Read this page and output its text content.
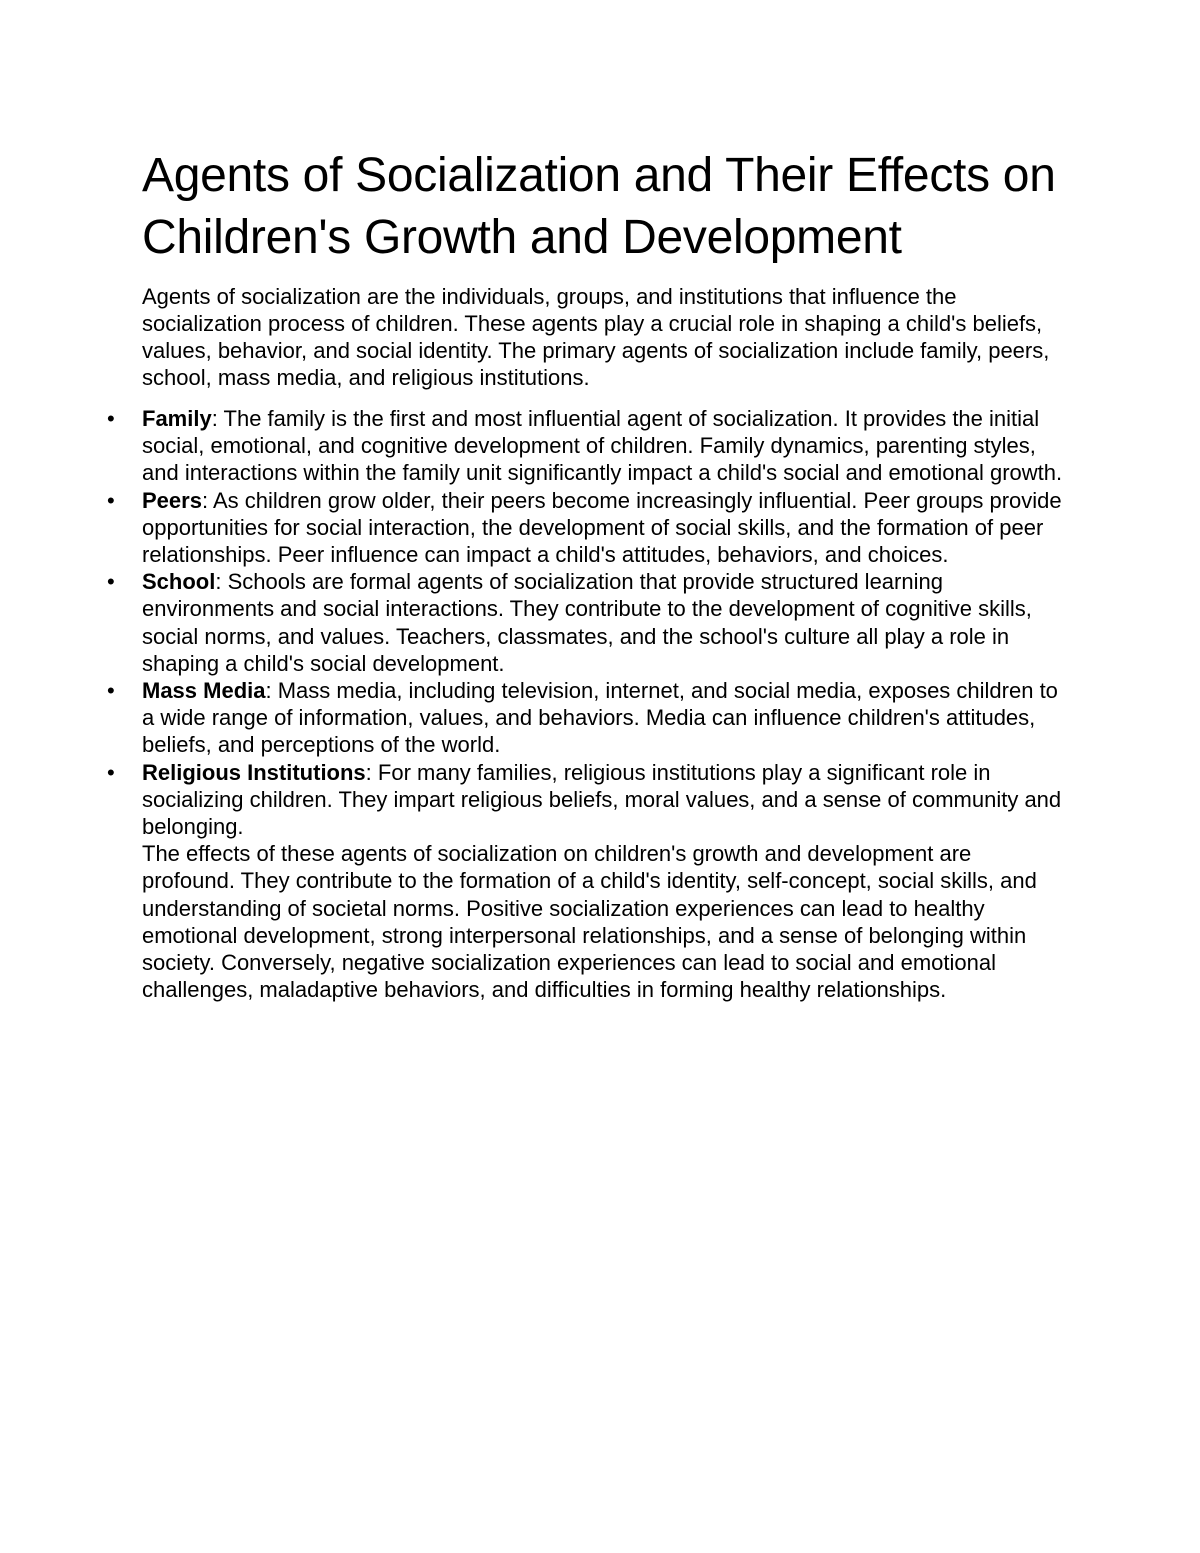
Agents of Socialization and Their Effects on Children's Growth and Development

Agents of socialization are the individuals, groups, and institutions that influence the socialization process of children. These agents play a crucial role in shaping a child's beliefs, values, behavior, and social identity. The primary agents of socialization include family, peers, school, mass media, and religious institutions.

• Family: The family is the first and most influential agent of socialization. It provides the initial social, emotional, and cognitive development of children. Family dynamics, parenting styles, and interactions within the family unit significantly impact a child's social and emotional growth.
• Peers: As children grow older, their peers become increasingly influential. Peer groups provide opportunities for social interaction, the development of social skills, and the formation of peer relationships. Peer influence can impact a child's attitudes, behaviors, and choices.
• School: Schools are formal agents of socialization that provide structured learning environments and social interactions. They contribute to the development of cognitive skills, social norms, and values. Teachers, classmates, and the school's culture all play a role in shaping a child's social development.
• Mass Media: Mass media, including television, internet, and social media, exposes children to a wide range of information, values, and behaviors. Media can influence children's attitudes, beliefs, and perceptions of the world.
• Religious Institutions: For many families, religious institutions play a significant role in socializing children. They impart religious beliefs, moral values, and a sense of community and belonging.

The effects of these agents of socialization on children's growth and development are profound. They contribute to the formation of a child's identity, self-concept, social skills, and understanding of societal norms. Positive socialization experiences can lead to healthy emotional development, strong interpersonal relationships, and a sense of belonging within society. Conversely, negative socialization experiences can lead to social and emotional challenges, maladaptive behaviors, and difficulties in forming healthy relationships.
